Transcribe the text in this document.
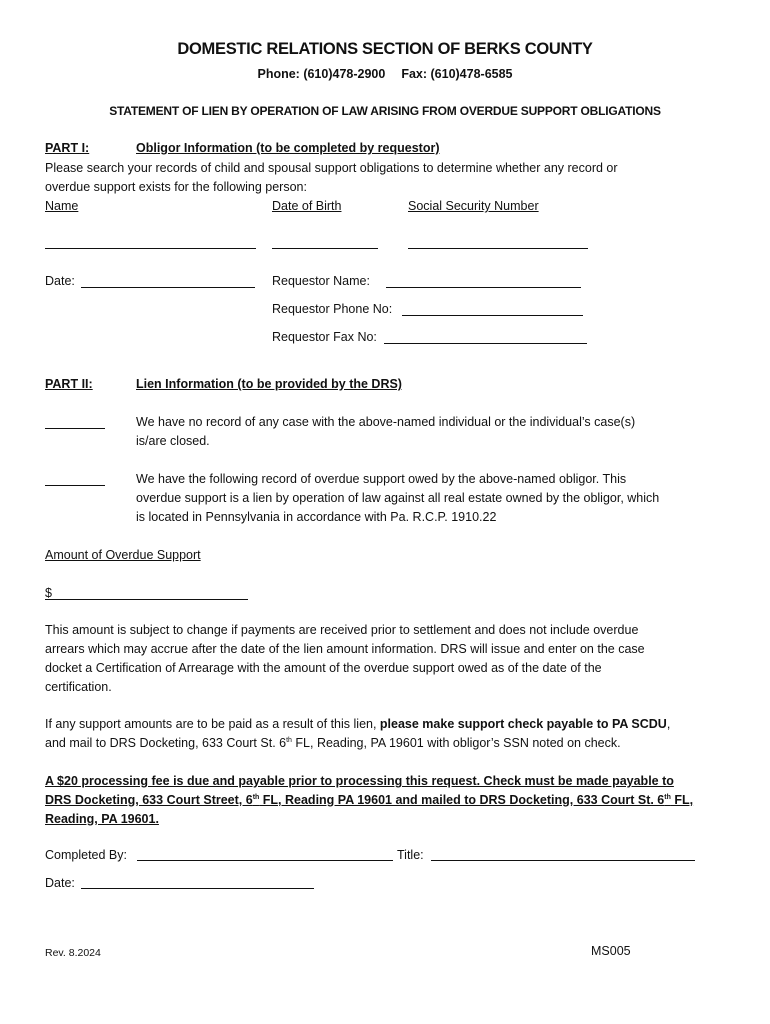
DOMESTIC RELATIONS SECTION OF BERKS COUNTY
Phone: (610)478-2900 Fax: (610)478-6585
STATEMENT OF LIEN BY OPERATION OF LAW ARISING FROM OVERDUE SUPPORT OBLIGATIONS
PART I:	Obligor Information (to be completed by requestor)
Please search your records of child and spousal support obligations to determine whether any record or
overdue support exists for the following person:
Name	Date of Birth	Social Security Number
Date:	Requestor Name:
Requestor Phone No:
Requestor Fax No:
PART II:	Lien Information (to be provided by the DRS)
We have no record of any case with the above-named individual or the individual’s case(s)
is/are closed.
We have the following record of overdue support owed by the above-named obligor. This
overdue support is a lien by operation of law against all real estate owned by the obligor, which
is located in Pennsylvania in accordance with Pa. R.C.P. 1910.22
Amount of Overdue Support
$
This amount is subject to change if payments are received prior to settlement and does not include overdue
arrears which may accrue after the date of the lien amount information. DRS will issue and enter on the case
docket a Certification of Arrearage with the amount of the overdue support owed as of the date of the
certification.
If any support amounts are to be paid as a result of this lien, please make support check payable to PA SCDU,
and mail to DRS Docketing, 633 Court St. 6th FL, Reading, PA 19601 with obligor’s SSN noted on check.
A $20 processing fee is due and payable prior to processing this request. Check must be made payable to
DRS Docketing, 633 Court Street, 6th FL, Reading PA 19601 and mailed to DRS Docketing, 633 Court St. 6th FL,
Reading, PA 19601.
Completed By:	Title:
Date:
Rev. 8.2024	MS005
